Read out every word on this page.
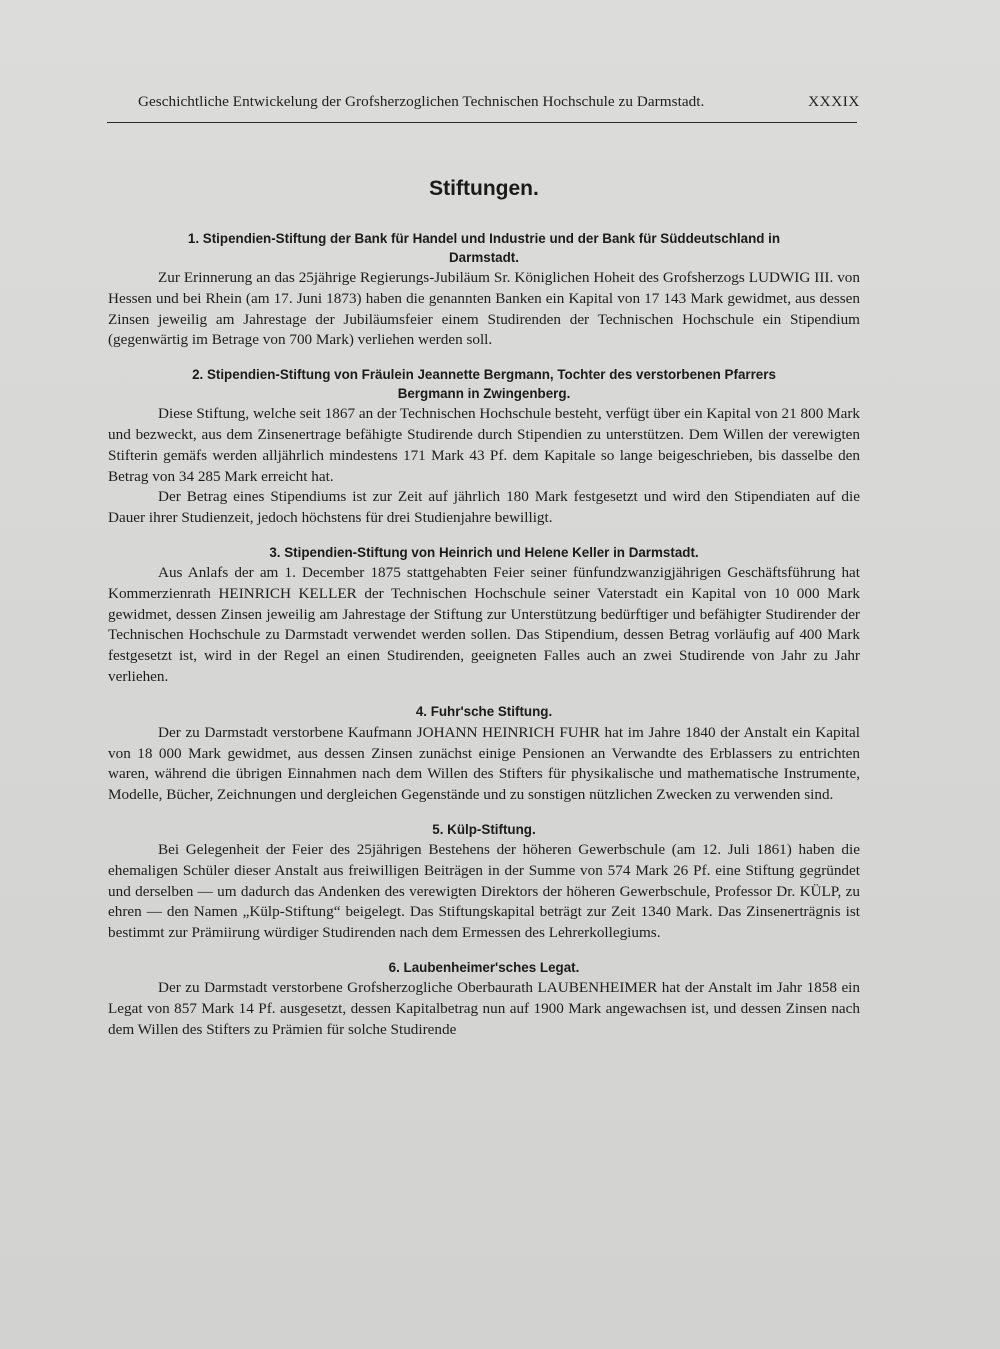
Geschichtliche Entwickelung der Grofsherzoglichen Technischen Hochschule zu Darmstadt.	XXXIX
Stiftungen.
1. Stipendien-Stiftung der Bank für Handel und Industrie und der Bank für Süddeutschland in
Darmstadt.

Zur Erinnerung an das 25jährige Regierungs-Jubiläum Sr. Königlichen Hoheit des Grofsherzogs LUDWIG III. von Hessen und bei Rhein (am 17. Juni 1873) haben die genannten Banken ein Kapital von 17 143 Mark gewidmet, aus dessen Zinsen jeweilig am Jahrestage der Jubiläumsfeier einem Studirenden der Technischen Hochschule ein Stipendium (gegenwärtig im Betrage von 700 Mark) verliehen werden soll.

2. Stipendien-Stiftung von Fräulein Jeannette Bergmann, Tochter des verstorbenen Pfarrers
Bergmann in Zwingenberg.

Diese Stiftung, welche seit 1867 an der Technischen Hochschule besteht, verfügt über ein Kapital von 21 800 Mark und bezweckt, aus dem Zinsenertrage befähigte Studirende durch Stipendien zu unterstützen. Dem Willen der verewigten Stifterin gemäfs werden alljährlich mindestens 171 Mark 43 Pf. dem Kapitale so lange beigeschrieben, bis dasselbe den Betrag von 34 285 Mark erreicht hat.

Der Betrag eines Stipendiums ist zur Zeit auf jährlich 180 Mark festgesetzt und wird den Stipendiaten auf die Dauer ihrer Studienzeit, jedoch höchstens für drei Studienjahre bewilligt.

3. Stipendien-Stiftung von Heinrich und Helene Keller in Darmstadt.

Aus Anlafs der am 1. December 1875 stattgehabten Feier seiner fünfundzwanzigjährigen Geschäftsführung hat Kommerzienrath HEINRICH KELLER der Technischen Hochschule seiner Vaterstadt ein Kapital von 10 000 Mark gewidmet, dessen Zinsen jeweilig am Jahrestage der Stiftung zur Unterstützung bedürftiger und befähigter Studirender der Technischen Hochschule zu Darmstadt verwendet werden sollen. Das Stipendium, dessen Betrag vorläufig auf 400 Mark festgesetzt ist, wird in der Regel an einen Studirenden, geeigneten Falles auch an zwei Studirende von Jahr zu Jahr verliehen.

4. Fuhr'sche Stiftung.

Der zu Darmstadt verstorbene Kaufmann JOHANN HEINRICH FUHR hat im Jahre 1840 der Anstalt ein Kapital von 18 000 Mark gewidmet, aus dessen Zinsen zunächst einige Pensionen an Verwandte des Erblassers zu entrichten waren, während die übrigen Einnahmen nach dem Willen des Stifters für physikalische und mathematische Instrumente, Modelle, Bücher, Zeichnungen und dergleichen Gegenstände und zu sonstigen nützlichen Zwecken zu verwenden sind.

5. Külp-Stiftung.

Bei Gelegenheit der Feier des 25jährigen Bestehens der höheren Gewerbschule (am 12. Juli 1861) haben die ehemaligen Schüler dieser Anstalt aus freiwilligen Beiträgen in der Summe von 574 Mark 26 Pf. eine Stiftung gegründet und derselben — um dadurch das Andenken des verewigten Direktors der höheren Gewerbschule, Professor Dr. KÜLP, zu ehren — den Namen „Külp-Stiftung“ beigelegt. Das Stiftungskapital beträgt zur Zeit 1340 Mark. Das Zinsenerträgnis ist bestimmt zur Prämiirung würdiger Studirenden nach dem Ermessen des Lehrerkollegiums.

6. Laubenheimer'sches Legat.

Der zu Darmstadt verstorbene Grofsherzogliche Oberbaurath LAUBENHEIMER hat der Anstalt im Jahr 1858 ein Legat von 857 Mark 14 Pf. ausgesetzt, dessen Kapitalbetrag nun auf 1900 Mark angewachsen ist, und dessen Zinsen nach dem Willen des Stifters zu Prämien für solche Studirende
